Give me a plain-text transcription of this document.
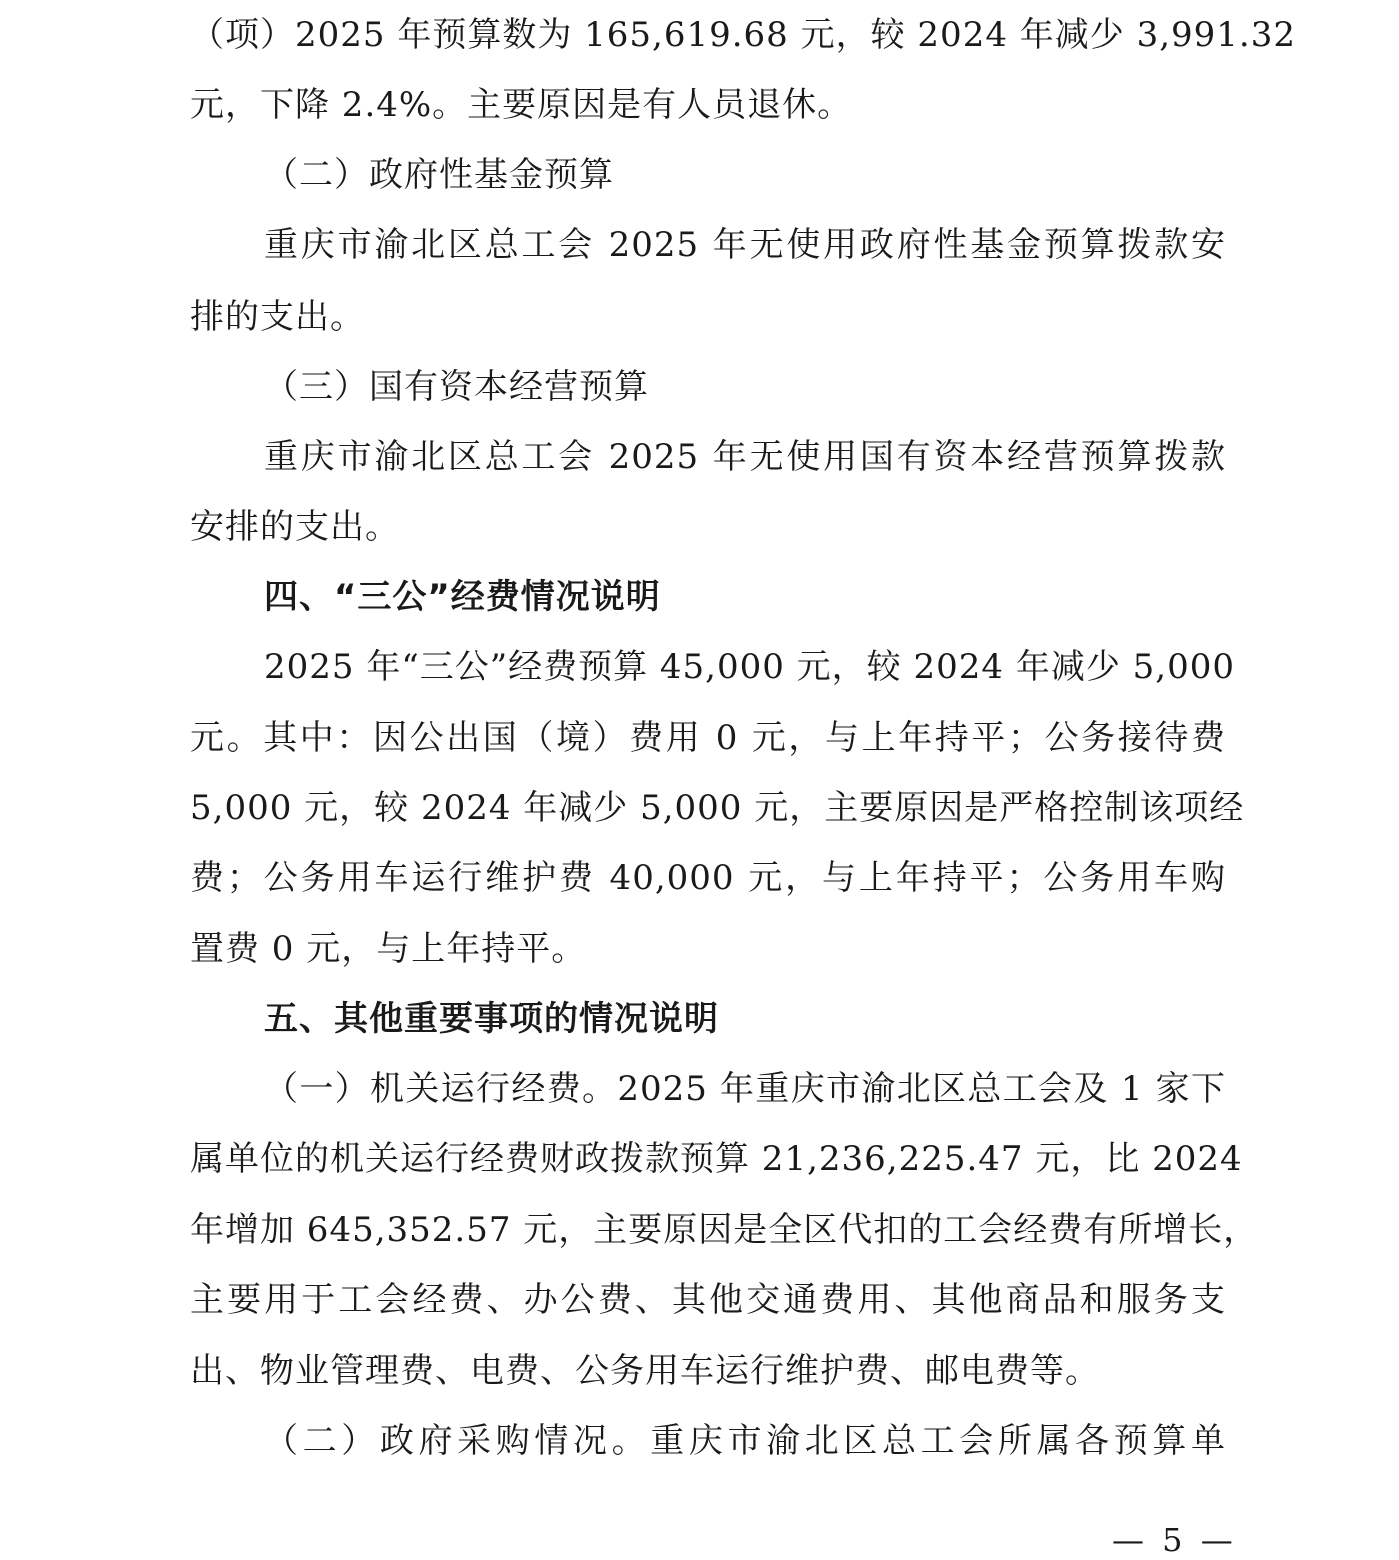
（项）2025 年预算数为 165,619.68 元，较 2024 年减少 3,991.32
元，下降 2.4%。主要原因是有人员退休。
（二）政府性基金预算
重庆市渝北区总工会 2025 年无使用政府性基金预算拨款安
排的支出。
（三）国有资本经营预算
重庆市渝北区总工会 2025 年无使用国有资本经营预算拨款
安排的支出。
四、“三公”经费情况说明
2025 年“三公”经费预算 45,000 元，较 2024 年减少 5,000
元。其中：因公出国（境）费用 0 元，与上年持平；公务接待费
5,000 元，较 2024 年减少 5,000 元，主要原因是严格控制该项经
费；公务用车运行维护费 40,000 元，与上年持平；公务用车购
置费 0 元，与上年持平。
五、其他重要事项的情况说明
（一）机关运行经费。2025 年重庆市渝北区总工会及 1 家下
属单位的机关运行经费财政拨款预算 21,236,225.47 元，比 2024
年增加 645,352.57 元，主要原因是全区代扣的工会经费有所增长，
主要用于工会经费、办公费、其他交通费用、其他商品和服务支
出、物业管理费、电费、公务用车运行维护费、邮电费等。
（二）政府采购情况。重庆市渝北区总工会所属各预算单
— 5 —
